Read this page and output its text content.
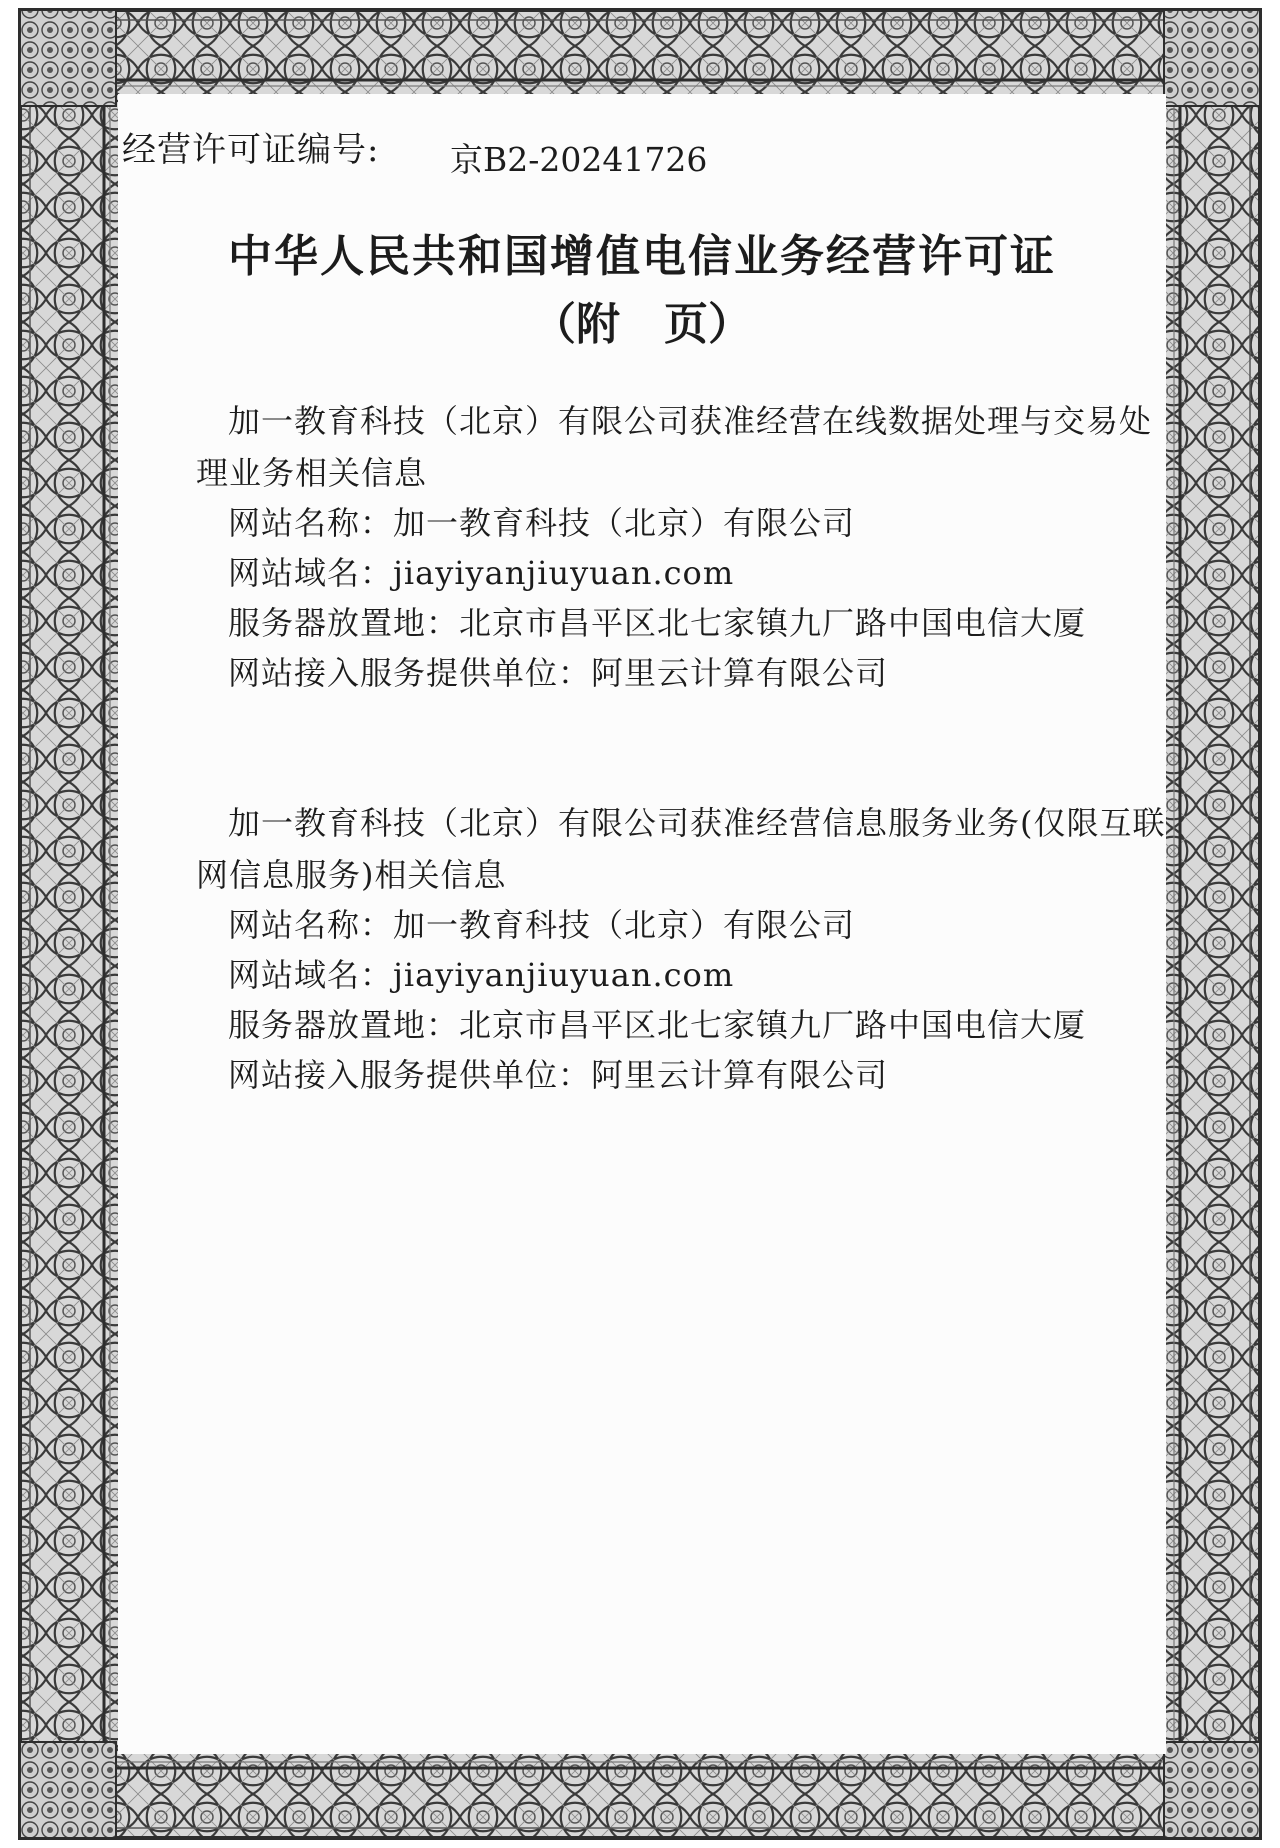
经营许可证编号: 京B2-20241726
中华人民共和国增值电信业务经营许可证
（附　页）
加一教育科技（北京）有限公司获准经营在线数据处理与交易处
理业务相关信息
网站名称：加一教育科技（北京）有限公司
网站域名：jiayiyanjiuyuan.com
服务器放置地：北京市昌平区北七家镇九厂路中国电信大厦
网站接入服务提供单位：阿里云计算有限公司
加一教育科技（北京）有限公司获准经营信息服务业务(仅限互联
网信息服务)相关信息
网站名称：加一教育科技（北京）有限公司
网站域名：jiayiyanjiuyuan.com
服务器放置地：北京市昌平区北七家镇九厂路中国电信大厦
网站接入服务提供单位：阿里云计算有限公司
